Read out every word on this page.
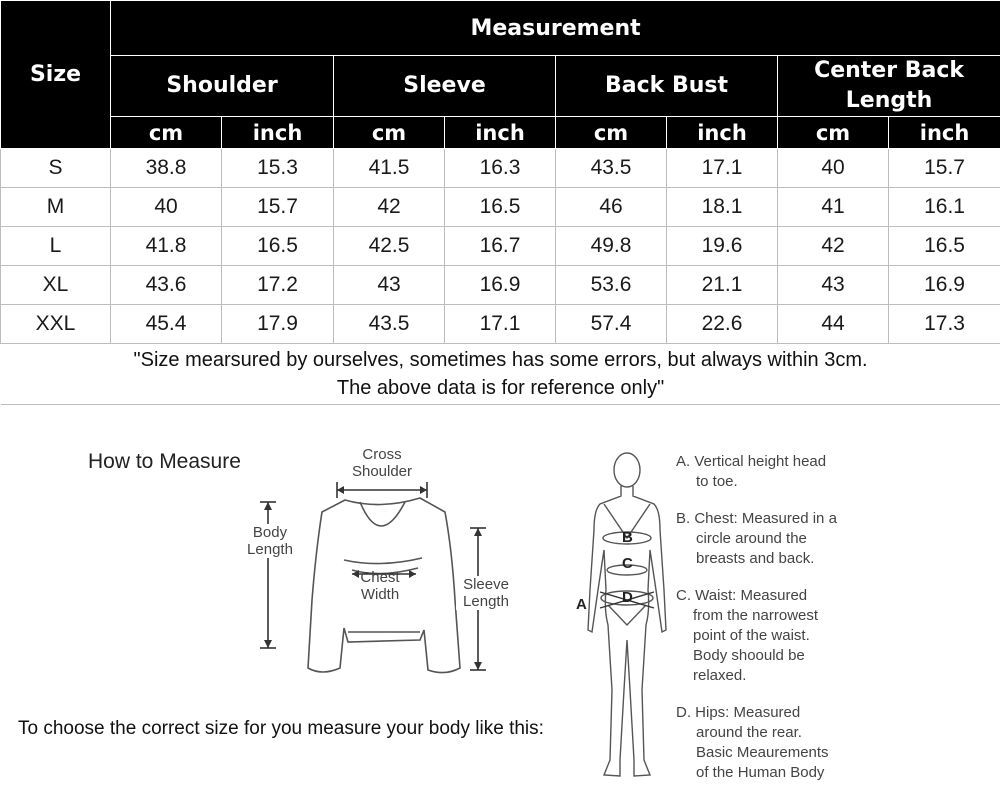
Size	Measurement							
	Shoulder		Sleeve		Back Bust		Center Back
Length	
	cm	inch	cm	inch	cm	inch	cm	inch
S	38.8	15.3	41.5	16.3	43.5	17.1	40	15.7
M	40	15.7	42	16.5	46	18.1	41	16.1
L	41.8	16.5	42.5	16.7	49.8	19.6	42	16.5
XL	43.6	17.2	43	16.9	53.6	21.1	43	16.9
XXL	45.4	17.9	43.5	17.1	57.4	22.6	44	17.3

"Size mearsured by ourselves, sometimes has some errors, but always within 3cm.
The above data is for reference only"								
How to Measure	Cross
Shoulder
Body
Length
Chest
Width
Sleeve
Length
B
C
D
A
A. Vertical height head
to toe.
B. Chest: Measured in a
circle around the
breasts and back.
C. Waist: Measured
from the narrowest
point of the waist.
Body shoould be
relaxed.
D. Hips: Measured
around the rear.
Basic Meaurements
of the Human Body
To choose the correct size for you measure your body like this:
